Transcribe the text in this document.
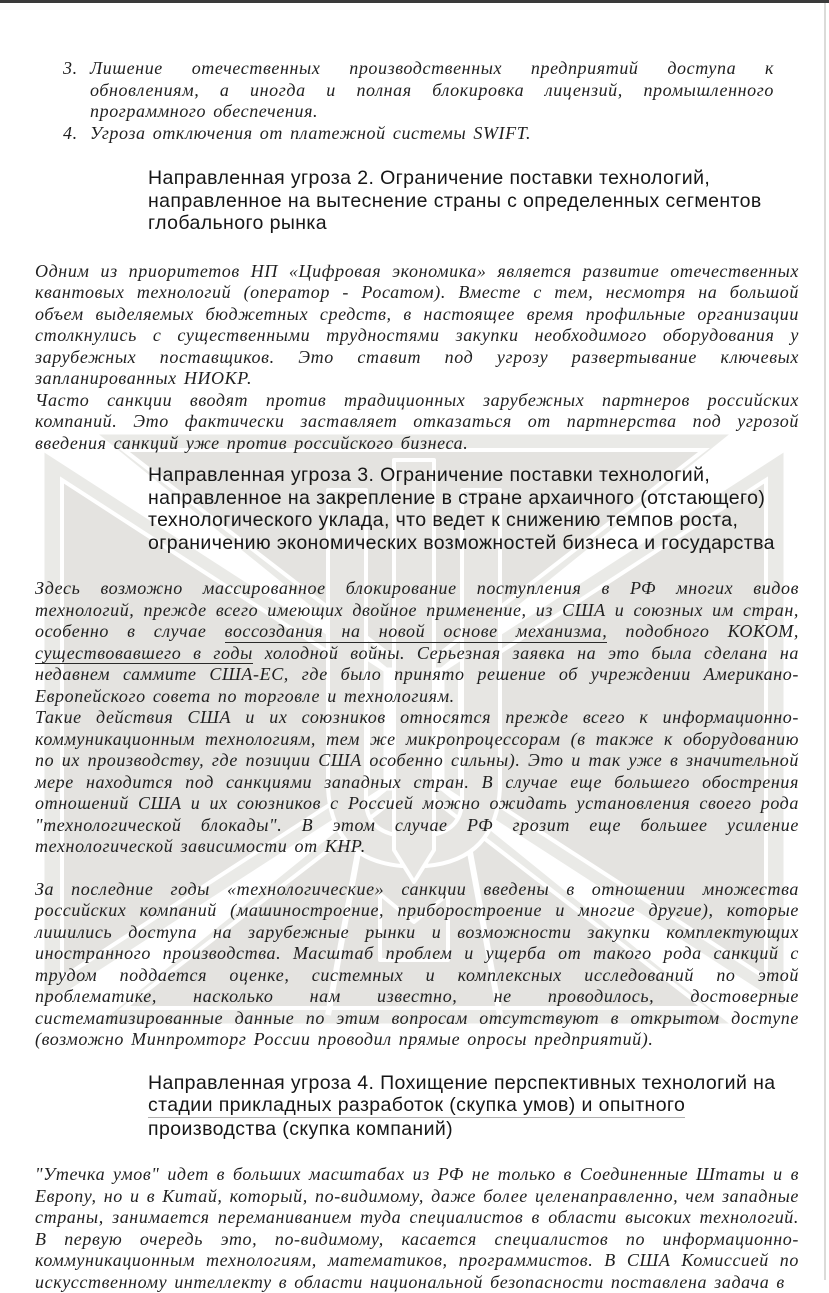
3. Лишение отечественных производственных предприятий доступа к обновлениям, а иногда и полная блокировка лицензий, промышленного программного обеспечения.
4. Угроза отключения от платежной системы SWIFT.
Направленная угроза 2. Ограничение поставки технологий,
направленное на вытеснение страны с определенных сегментов
глобального рынка

Одним из приоритетов НП «Цифровая экономика» является развитие отечественных квантовых технологий (оператор - Росатом). Вместе с тем, несмотря на большой объем выделяемых бюджетных средств, в настоящее время профильные организации столкнулись с существенными трудностями закупки необходимого оборудования у зарубежных поставщиков. Это ставит под угрозу развертывание ключевых запланированных НИОКР.

Часто санкции вводят против традиционных зарубежных партнеров российских компаний. Это фактически заставляет отказаться от партнерства под угрозой введения санкций уже против российского бизнеса.

Направленная угроза 3. Ограничение поставки технологий,
направленное на закрепление в стране архаичного (отстающего)
технологического уклада, что ведет к снижению темпов роста,
ограничению экономических возможностей бизнеса и государства

Здесь возможно массированное блокирование поступления в РФ многих видов технологий, прежде всего имеющих двойное применение, из США и союзных им стран, особенно в случае воссоздания на новой основе механизма, подобного КОКОМ, существовавшего в годы холодной войны. Серьезная заявка на это была сделана на недавнем саммите США-ЕС, где было принято решение об учреждении Американо-Европейского совета по торговле и технологиям.

Такие действия США и их союзников относятся прежде всего к информационно-коммуникационным технологиям, тем же микропроцессорам (в также к оборудованию по их производству, где позиции США особенно сильны). Это и так уже в значительной мере находится под санкциями западных стран. В случае еще большего обострения отношений США и их союзников с Россией можно ожидать установления своего рода "технологической блокады". В этом случае РФ грозит еще большее усиление технологической зависимости от КНР.

За последние годы «технологические» санкции введены в отношении множества российских компаний (машиностроение, приборостроение и многие другие), которые лишились доступа на зарубежные рынки и возможности закупки комплектующих иностранного производства. Масштаб проблем и ущерба от такого рода санкций с трудом поддается оценке, системных и комплексных исследований по этой проблематике, насколько нам известно, не проводилось, достоверные систематизированные данные по этим вопросам отсутствуют в открытом доступе (возможно Минпромторг России проводил прямые опросы предприятий).

Направленная угроза 4. Похищение перспективных технологий на
стадии прикладных разработок (скупка умов) и опытного
производства (скупка компаний)

"Утечка умов" идет в больших масштабах из РФ не только в Соединенные Штаты и в Европу, но и в Китай, который, по-видимому, даже более целенаправленно, чем западные страны, занимается переманиванием туда специалистов в области высоких технологий. В первую очередь это, по-видимому, касается специалистов по информационно-коммуникационным технологиям, математиков, программистов. В США Комиссией по искусственному интеллекту в области национальной безопасности поставлена задача в
